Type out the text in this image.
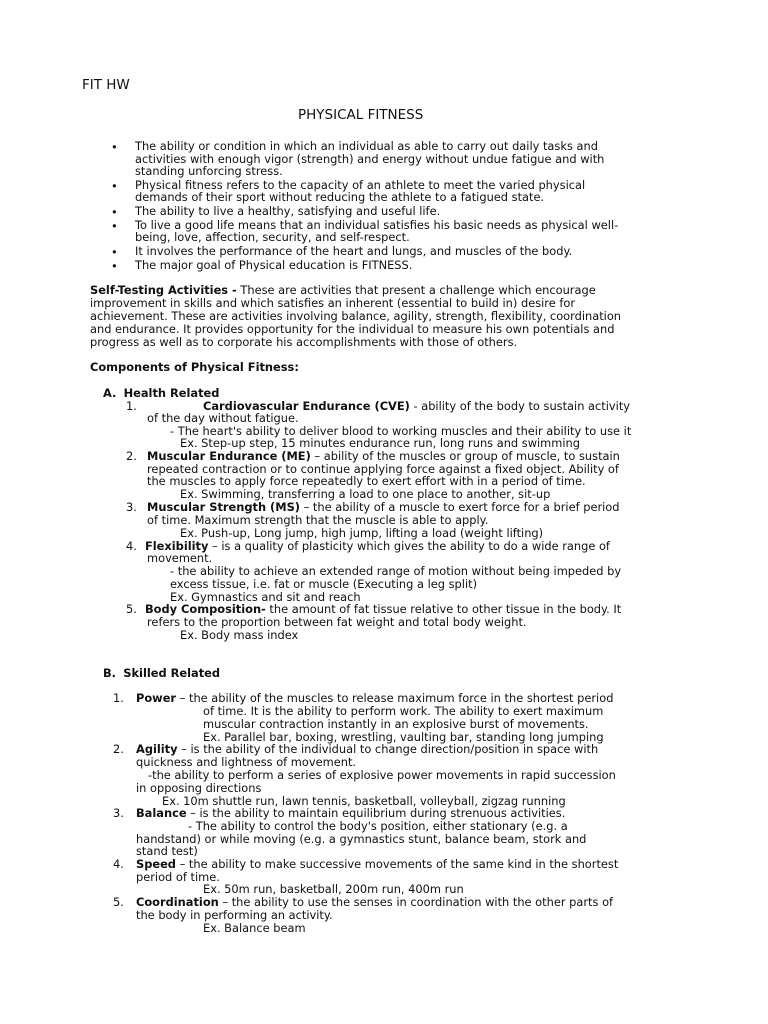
FIT HW
PHYSICAL FITNESS
•
The ability or condition in which an individual as able to carry out daily tasks and
activities with enough vigor (strength) and energy without undue fatigue and with
standing unforcing stress.
•
Physical fitness refers to the capacity of an athlete to meet the varied physical
demands of their sport without reducing the athlete to a fatigued state.
•
The ability to live a healthy, satisfying and useful life.
•
To live a good life means that an individual satisfies his basic needs as physical well-
being, love, affection, security, and self-respect.
•
It involves the performance of the heart and lungs, and muscles of the body.
•
The major goal of Physical education is FITNESS.
Self-Testing Activities - These are activities that present a challenge which encourage
improvement in skills and which satisfies an inherent (essential to build in) desire for
achievement. These are activities involving balance, agility, strength, flexibility, coordination
and endurance. It provides opportunity for the individual to measure his own potentials and
progress as well as to corporate his accomplishments with those of others.
Components of Physical Fitness:
A. Health Related
1.	Cardiovascular Endurance (CVE) - ability of the body to sustain activity
of the day without fatigue.
- The heart's ability to deliver blood to working muscles and their ability to use it
Ex. Step-up step, 15 minutes endurance run, long runs and swimming
2. Muscular Endurance (ME) – ability of the muscles or group of muscle, to sustain
repeated contraction or to continue applying force against a fixed object. Ability of
the muscles to apply force repeatedly to exert effort with in a period of time.
Ex. Swimming, transferring a load to one place to another, sit-up
3. Muscular Strength (MS) – the ability of a muscle to exert force for a brief period
of time. Maximum strength that the muscle is able to apply.
Ex. Push-up, Long jump, high jump, lifting a load (weight lifting)
4. Flexibility – is a quality of plasticity which gives the ability to do a wide range of
movement.
- the ability to achieve an extended range of motion without being impeded by
excess tissue, i.e. fat or muscle (Executing a leg split)
Ex. Gymnastics and sit and reach
5. Body Composition- the amount of fat tissue relative to other tissue in the body. It
refers to the proportion between fat weight and total body weight.
Ex. Body mass index
B. Skilled Related
1. Power – the ability of the muscles to release maximum force in the shortest period
of time. It is the ability to perform work. The ability to exert maximum
muscular contraction instantly in an explosive burst of movements.
Ex. Parallel bar, boxing, wrestling, vaulting bar, standing long jumping
2. Agility – is the ability of the individual to change direction/position in space with
quickness and lightness of movement.
-the ability to perform a series of explosive power movements in rapid succession
in opposing directions
Ex. 10m shuttle run, lawn tennis, basketball, volleyball, zigzag running
3. Balance – is the ability to maintain equilibrium during strenuous activities.
- The ability to control the body's position, either stationary (e.g. a
handstand) or while moving (e.g. a gymnastics stunt, balance beam, stork and
stand test)
4. Speed – the ability to make successive movements of the same kind in the shortest
period of time.
Ex. 50m run, basketball, 200m run, 400m run
5. Coordination – the ability to use the senses in coordination with the other parts of
the body in performing an activity.
Ex. Balance beam
